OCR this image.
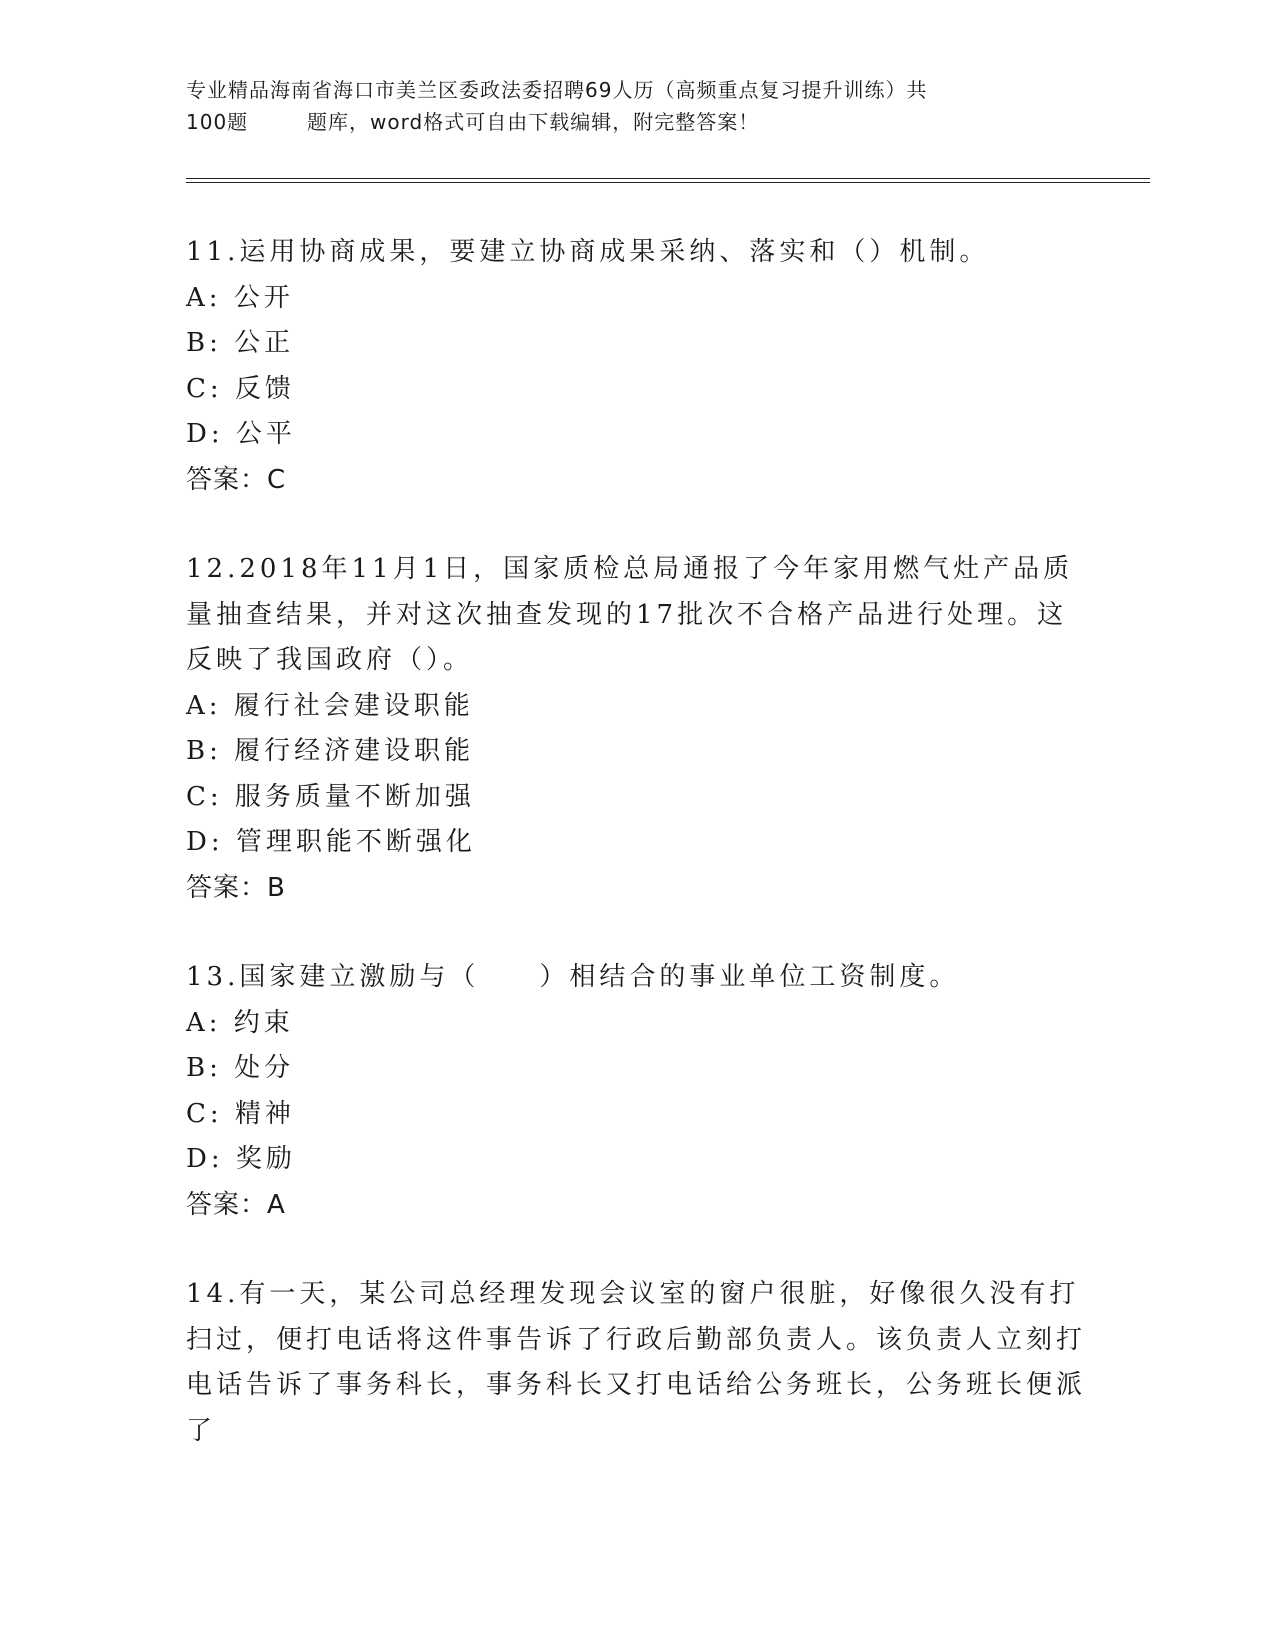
专业精品海南省海口市美兰区委政法委招聘69人历（高频重点复习提升训练）共
100题        题库，word格式可自由下载编辑，附完整答案！

11.运用协商成果，要建立协商成果采纳、落实和（）机制。

A: 公开

B: 公正

C: 反馈

D: 公平

答案：C

12.2018年11月1日，国家质检总局通报了今年家用燃气灶产品质量抽查结果，并对这次抽查发现的17批次不合格产品进行处理。这反映了我国政府（）。

A: 履行社会建设职能

B: 履行经济建设职能

C: 服务质量不断加强

D: 管理职能不断强化

答案：B

13.国家建立激励与（　　）相结合的事业单位工资制度。

A: 约束

B: 处分

C: 精神

D: 奖励

答案：A

14.有一天，某公司总经理发现会议室的窗户很脏，好像很久没有打扫过，便打电话将这件事告诉了行政后勤部负责人。该负责人立刻打电话告诉了事务科长，事务科长又打电话给公务班长，公务班长便派了
